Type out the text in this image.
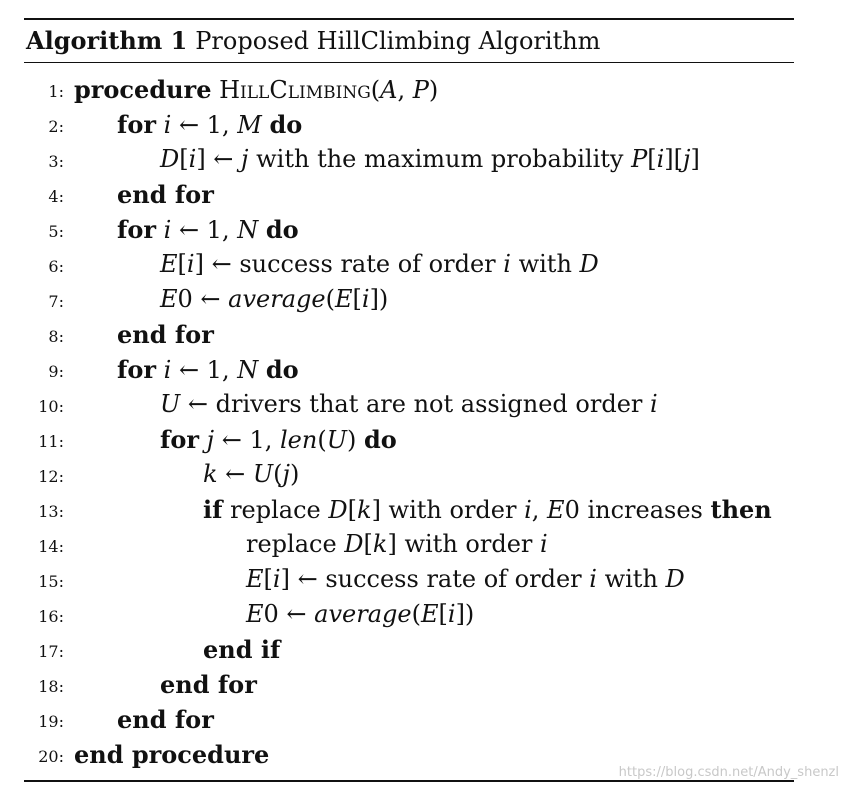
Algorithm 1 Proposed HillClimbing Algorithm
1: procedure HillClimbing(A, P)
2: for i ← 1, M do
3:	D[i] ← j with the maximum probability P[i][j]
4: end for
5: for i ← 1, N do
6:	E[i] ← success rate of order i with D
7:	E0 ← average(E[i])
8: end for
9: for i ← 1, N do
10:	U ← drivers that are not assigned order i
11:	for j ← 1, len(U) do
12:	k ← U(j)
13:	if replace D[k] with order i, E0 increases then
14:	replace D[k] with order i
15:	E[i] ← success rate of order i with D
16:	E0 ← average(E[i])
17:	end if
18:	end for
19: end for
20: end procedure
https://blog.csdn.net/Andy_shenzl
